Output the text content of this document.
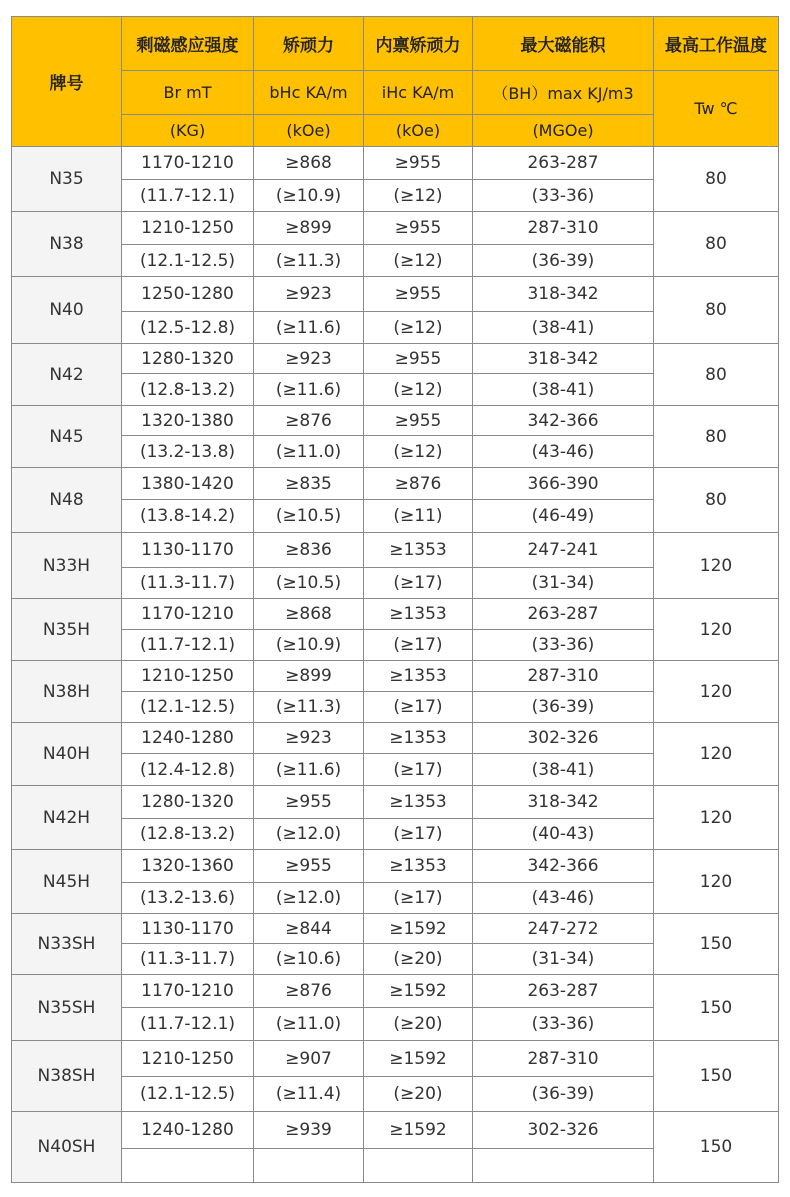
牌号	剩磁感应强度	矫顽力	内禀矫顽力	最大磁能积	最高工作温度
	Br mT	bHc KA/m	iHc KA/m	（BH）max KJ/m3	Tw ℃
	(KG)	(kOe)	(kOe)	(MGOe)	
N35	1170-1210	≥868	≥955	263-287	80
	(11.7-12.1)	(≥10.9)	(≥12)	(33-36)	
N38	1210-1250	≥899	≥955	287-310	80
	(12.1-12.5)	(≥11.3)	(≥12)	(36-39)	
N40	1250-1280	≥923	≥955	318-342	80
	(12.5-12.8)	(≥11.6)	(≥12)	(38-41)	
N42	1280-1320	≥923	≥955	318-342	80
	(12.8-13.2)	(≥11.6)	(≥12)	(38-41)	
N45	1320-1380	≥876	≥955	342-366	80
	(13.2-13.8)	(≥11.0)	(≥12)	(43-46)	
N48	1380-1420	≥835	≥876	366-390	80
	(13.8-14.2)	(≥10.5)	(≥11)	(46-49)	
N33H	1130-1170	≥836	≥1353	247-241	120
	(11.3-11.7)	(≥10.5)	(≥17)	(31-34)	
N35H	1170-1210	≥868	≥1353	263-287	120
	(11.7-12.1)	(≥10.9)	(≥17)	(33-36)	
N38H	1210-1250	≥899	≥1353	287-310	120
	(12.1-12.5)	(≥11.3)	(≥17)	(36-39)	
N40H	1240-1280	≥923	≥1353	302-326	120
	(12.4-12.8)	(≥11.6)	(≥17)	(38-41)	
N42H	1280-1320	≥955	≥1353	318-342	120
	(12.8-13.2)	(≥12.0)	(≥17)	(40-43)	
N45H	1320-1360	≥955	≥1353	342-366	120
	(13.2-13.6)	(≥12.0)	(≥17)	(43-46)	
N33SH	1130-1170	≥844	≥1592	247-272	150
	(11.3-11.7)	(≥10.6)	(≥20)	(31-34)	
N35SH	1170-1210	≥876	≥1592	263-287	150
	(11.7-12.1)	(≥11.0)	(≥20)	(33-36)	
N38SH	1210-1250	≥907	≥1592	287-310	150
	(12.1-12.5)	(≥11.4)	(≥20)	(36-39)	
N40SH	1240-1280	≥939	≥1592	302-326	150
